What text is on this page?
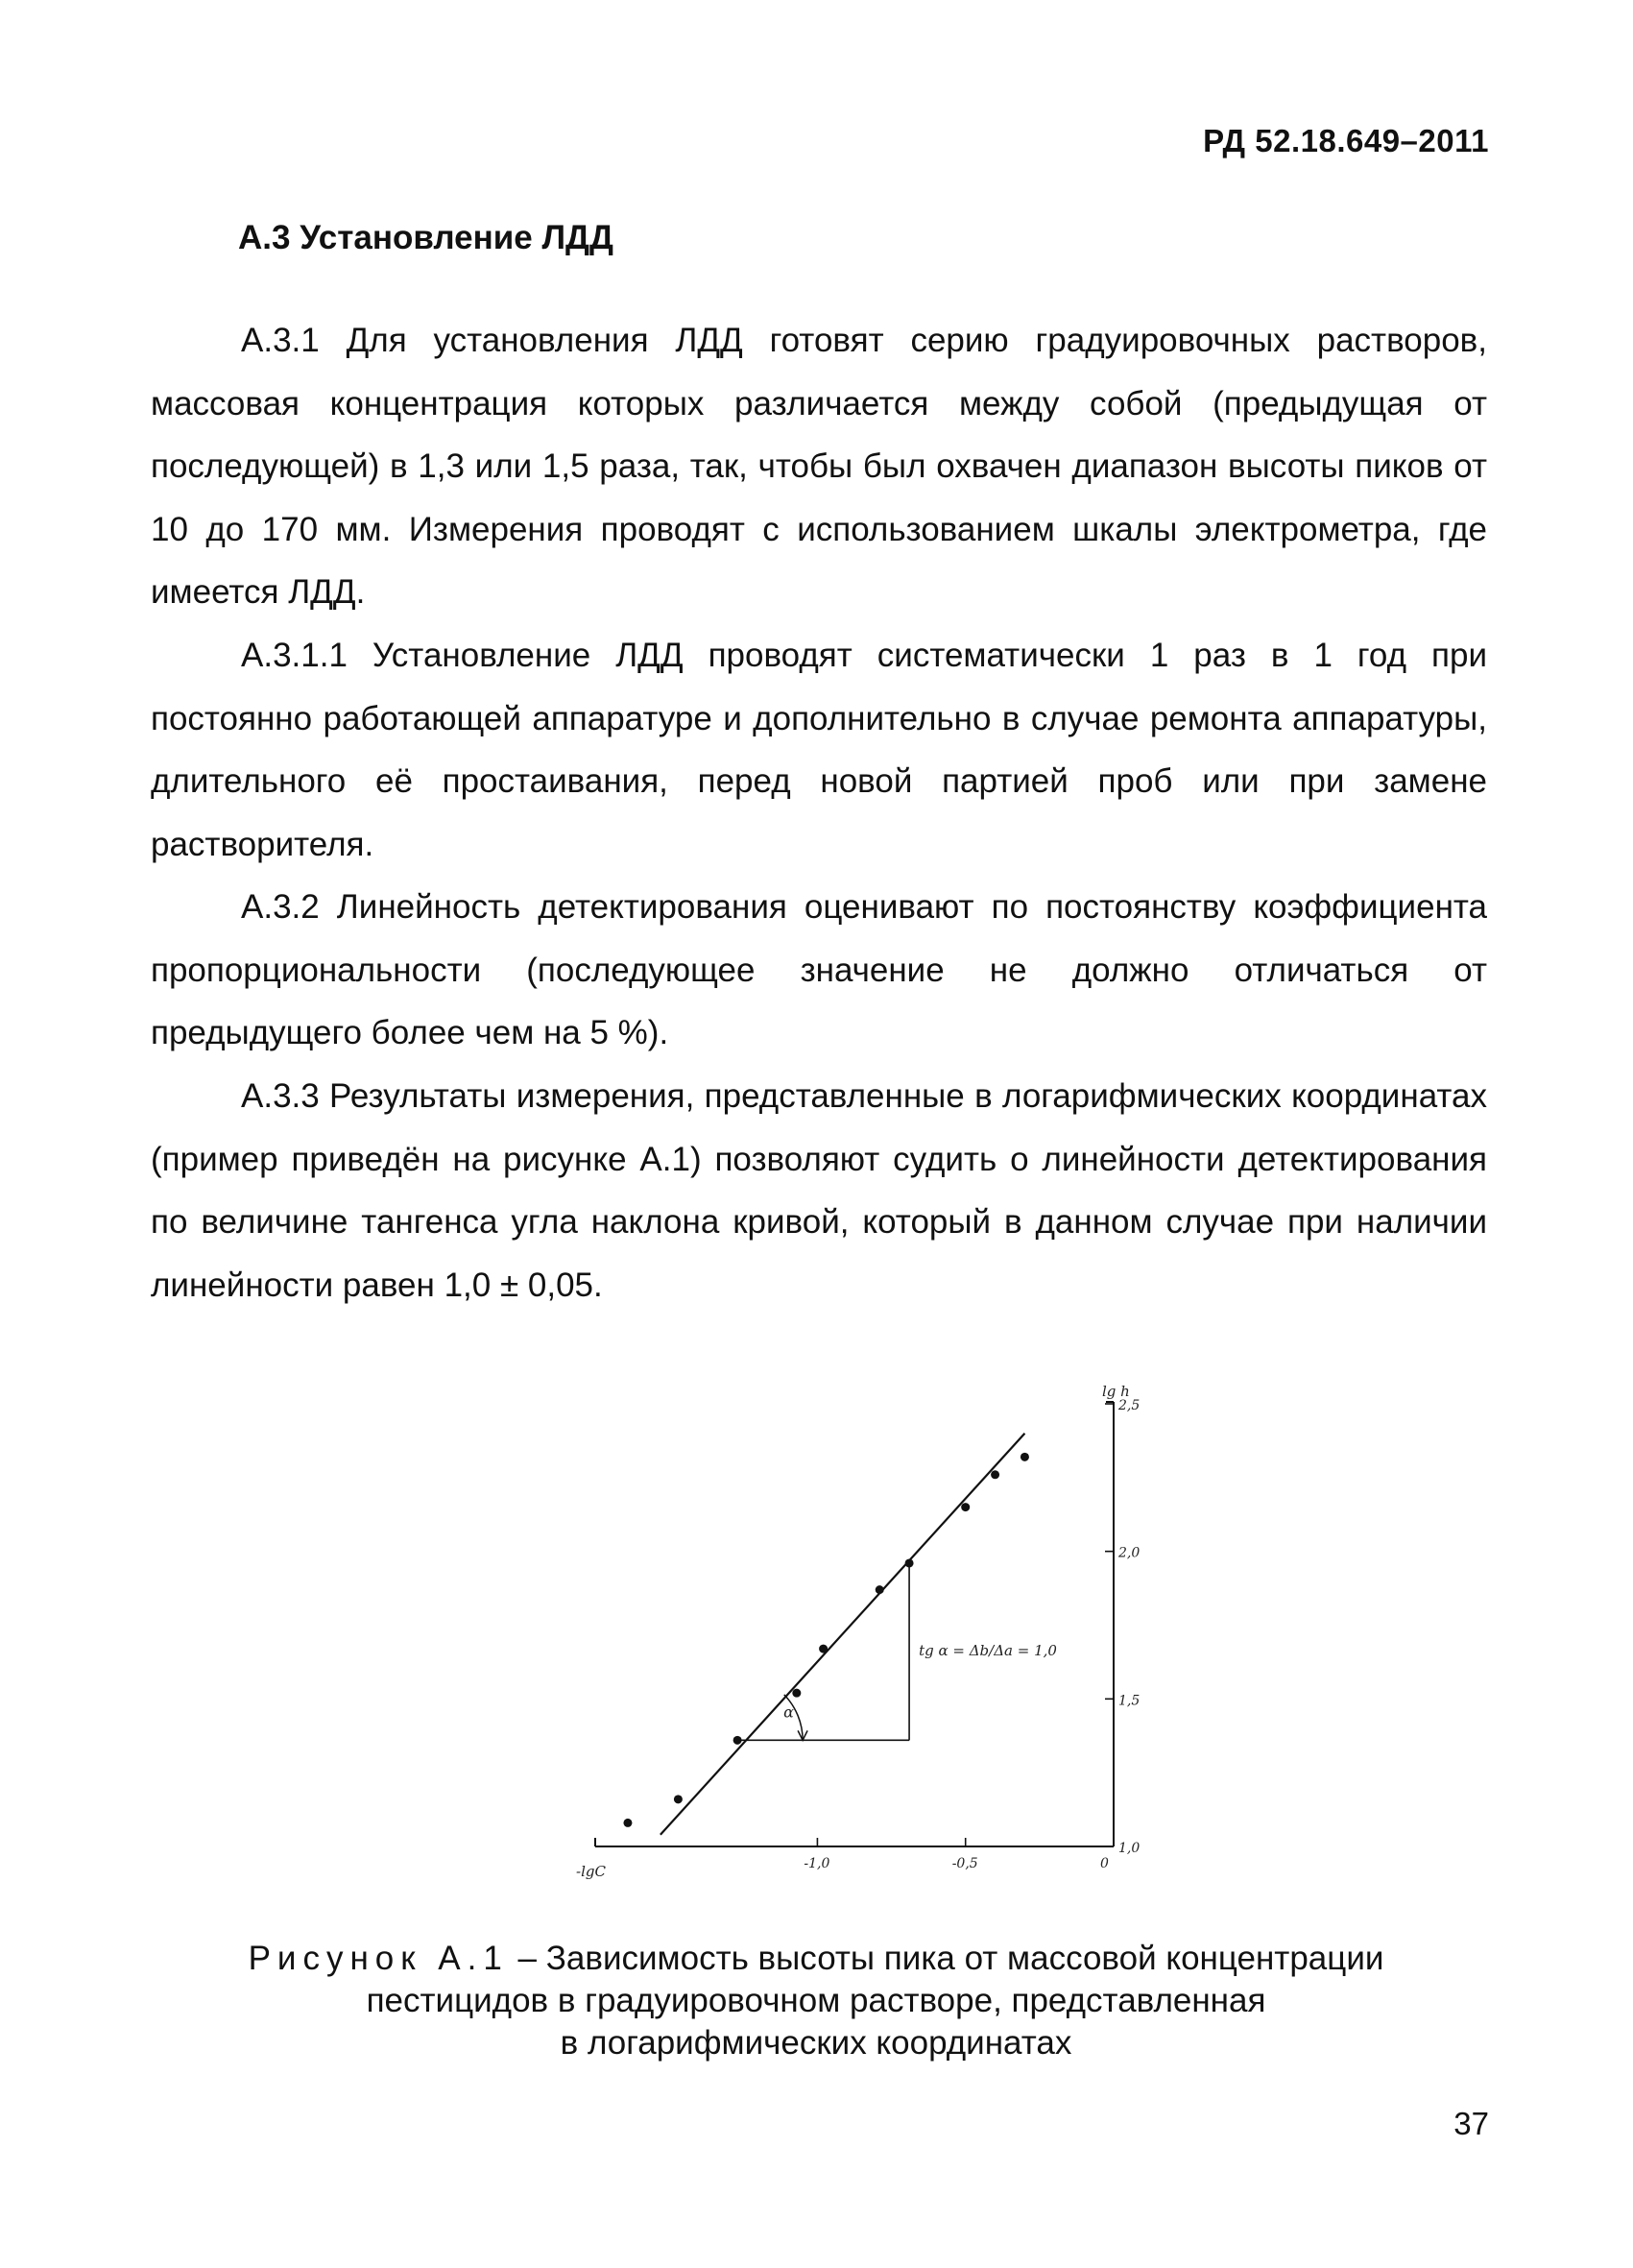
РД 52.18.649–2011
А.3 Установление ЛДД

А.3.1 Для установления ЛДД готовят серию градуировочных растворов, массовая концентрация которых различается между собой (предыдущая от последующей) в 1,3 или 1,5 раза, так, чтобы был охвачен диапазон высоты пиков от 10 до 170 мм. Измерения проводят с использованием шкалы электрометра, где имеется ЛДД.

А.3.1.1 Установление ЛДД проводят систематически 1 раз в 1 год при постоянно работающей аппаратуре и дополнительно в случае ремонта аппаратуры, длительного её простаивания, перед новой партией проб или при замене растворителя.

А.3.2 Линейность детектирования оценивают по постоянству коэффициента пропорциональности (последующее значение не должно отличаться от предыдущего более чем на 5 %).

А.3.3 Результаты измерения, представленные в логарифмических координатах (пример приведён на рисунке А.1) позволяют судить о линейности детектирования по величине тангенса угла наклона кривой, который в данном случае при наличии линейности равен 1,0 ± 0,05.

lg h
-lgC	-1,0	-0,5	0
2,5
2,0
1,5
1,0
α
tg α = Δb/Δa = 1,0
Рисунок А.1 – Зависимость высоты пика от массовой концентрации
пестицидов в градуировочном растворе, представленная
в логарифмических координатах
37
